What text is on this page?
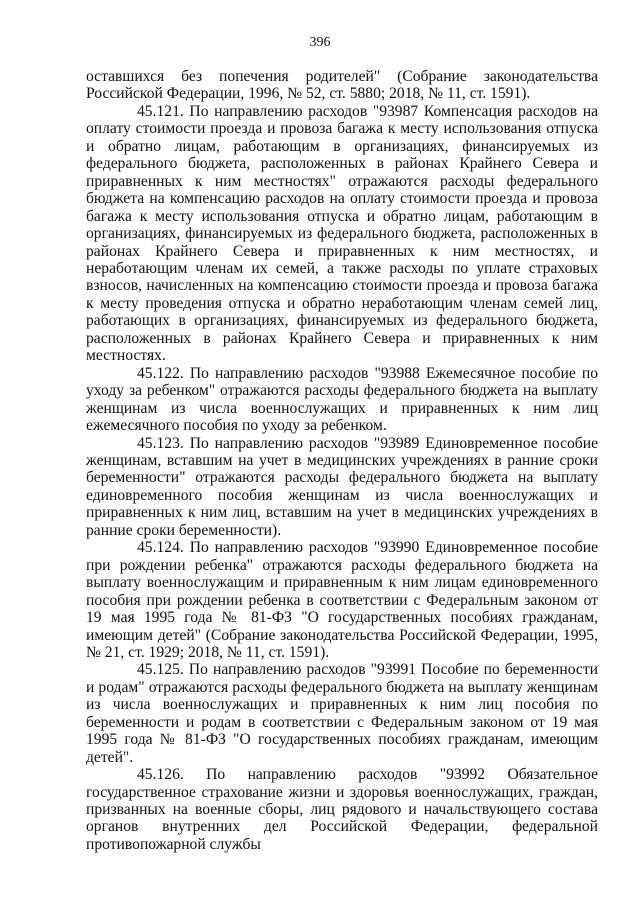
396

оставшихся без попечения родителей" (Собрание законодательства Российской Федерации, 1996, № 52, ст. 5880; 2018, № 11, ст. 1591).

45.121. По направлению расходов "93987 Компенсация расходов на оплату стоимости проезда и провоза багажа к месту использования отпуска и обратно лицам, работающим в организациях, финансируемых из федерального бюджета, расположенных в районах Крайнего Севера и приравненных к ним местностях" отражаются расходы федерального бюджета на компенсацию расходов на оплату стоимости проезда и провоза багажа к месту использования отпуска и обратно лицам, работающим в организациях, финансируемых из федерального бюджета, расположенных в районах Крайнего Севера и приравненных к ним местностях, и неработающим членам их семей, а также расходы по уплате страховых взносов, начисленных на компенсацию стоимости проезда и провоза багажа к месту проведения отпуска и обратно неработающим членам семей лиц, работающих в организациях, финансируемых из федерального бюджета, расположенных в районах Крайнего Севера и приравненных к ним местностях.

45.122. По направлению расходов "93988 Ежемесячное пособие по уходу за ребенком" отражаются расходы федерального бюджета на выплату женщинам из числа военнослужащих и приравненных к ним лиц ежемесячного пособия по уходу за ребенком.

45.123. По направлению расходов "93989 Единовременное пособие женщинам, вставшим на учет в медицинских учреждениях в ранние сроки беременности" отражаются расходы федерального бюджета на выплату единовременного пособия женщинам из числа военнослужащих и приравненных к ним лиц, вставшим на учет в медицинских учреждениях в ранние сроки беременности).

45.124. По направлению расходов "93990 Единовременное пособие при рождении ребенка" отражаются расходы федерального бюджета на выплату военнослужащим и приравненным к ним лицам единовременного пособия при рождении ребенка в соответствии с Федеральным законом от 19 мая 1995 года № 81-ФЗ "О государственных пособиях гражданам, имеющим детей" (Собрание законодательства Российской Федерации, 1995, № 21, ст. 1929; 2018, № 11, ст. 1591).

45.125. По направлению расходов "93991 Пособие по беременности и родам" отражаются расходы федерального бюджета на выплату женщинам из числа военнослужащих и приравненных к ним лиц пособия по беременности и родам в соответствии с Федеральным законом от 19 мая 1995 года № 81-ФЗ "О государственных пособиях гражданам, имеющим детей".

45.126. По направлению расходов "93992 Обязательное государственное страхование жизни и здоровья военнослужащих, граждан, призванных на военные сборы, лиц рядового и начальствующего состава органов внутренних дел Российской Федерации, федеральной противопожарной службы
